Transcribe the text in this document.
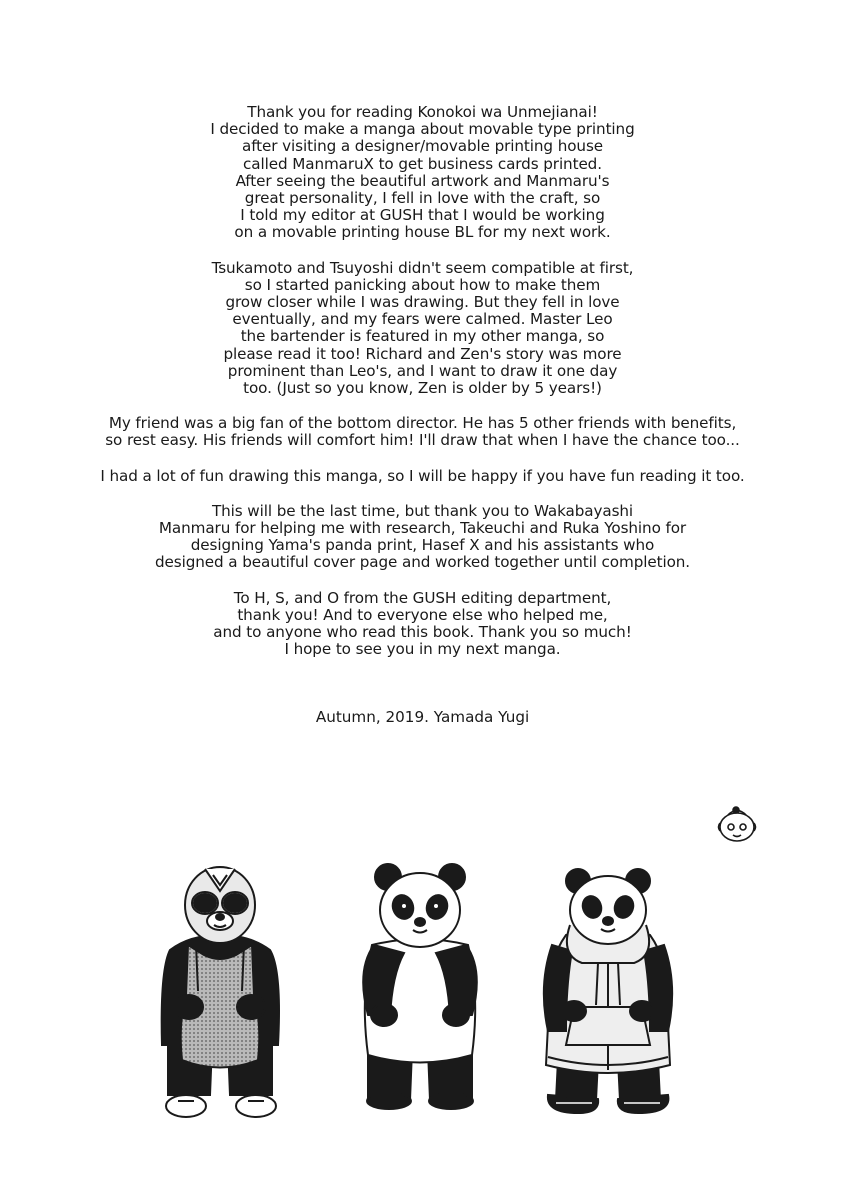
Thank you for reading Konokoi wa Unmejianai!
I decided to make a manga about movable type printing
after visiting a designer/movable printing house
called ManmaruX to get business cards printed.
After seeing the beautiful artwork and Manmaru's
great personality, I fell in love with the craft, so
I told my editor at GUSH that I would be working
on a movable printing house BL for my next work.

Tsukamoto and Tsuyoshi didn't seem compatible at first,
so I started panicking about how to make them
grow closer while I was drawing. But they fell in love
eventually, and my fears were calmed. Master Leo
the bartender is featured in my other manga, so
please read it too! Richard and Zen's story was more
prominent than Leo's, and I want to draw it one day
too. (Just so you know, Zen is older by 5 years!)

My friend was a big fan of the bottom director. He has 5 other friends with benefits,
so rest easy. His friends will comfort him! I'll draw that when I have the chance too...

I had a lot of fun drawing this manga, so I will be happy if you have fun reading it too.

This will be the last time, but thank you to Wakabayashi
Manmaru for helping me with research, Takeuchi and Ruka Yoshino for
designing Yama's panda print, Hasef X and his assistants who
designed a beautiful cover page and worked together until completion.

To H, S, and O from the GUSH editing department,
thank you! And to everyone else who helped me,
and to anyone who read this book. Thank you so much!
I hope to see you in my next manga.

Autumn, 2019. Yamada Yugi
